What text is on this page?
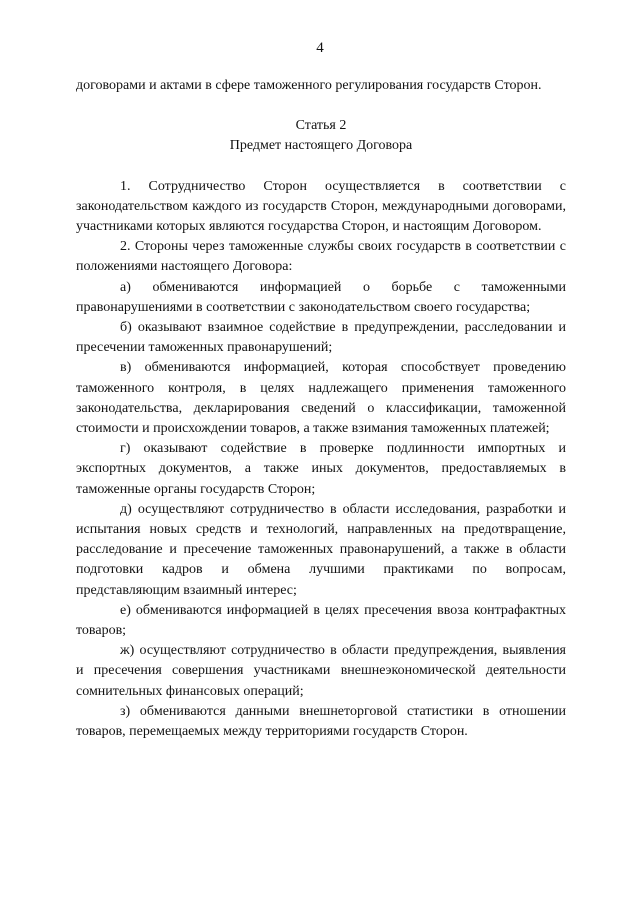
4

договорами и актами в сфере таможенного регулирования государств Сторон.

Статья 2
Предмет настоящего Договора

1. Сотрудничество Сторон осуществляется в соответствии с законодательством каждого из государств Сторон, международными договорами, участниками которых являются государства Сторон, и настоящим Договором.

2. Стороны через таможенные службы своих государств в соответствии с положениями настоящего Договора:

а) обмениваются информацией о борьбе с таможенными правонарушениями в соответствии с законодательством своего государства;

б) оказывают взаимное содействие в предупреждении, расследовании и пресечении таможенных правонарушений;

в) обмениваются информацией, которая способствует проведению таможенного контроля, в целях надлежащего применения таможенного законодательства, декларирования сведений о классификации, таможенной стоимости и происхождении товаров, а также взимания таможенных платежей;

г) оказывают содействие в проверке подлинности импортных и экспортных документов, а также иных документов, предоставляемых в таможенные органы государств Сторон;

д) осуществляют сотрудничество в области исследования, разработки и испытания новых средств и технологий, направленных на предотвращение, расследование и пресечение таможенных правонарушений, а также в области подготовки кадров и обмена лучшими практиками по вопросам, представляющим взаимный интерес;

е) обмениваются информацией в целях пресечения ввоза контрафактных товаров;

ж) осуществляют сотрудничество в области предупреждения, выявления и пресечения совершения участниками внешнеэкономической деятельности сомнительных финансовых операций;

з) обмениваются данными внешнеторговой статистики в отношении товаров, перемещаемых между территориями государств Сторон.
